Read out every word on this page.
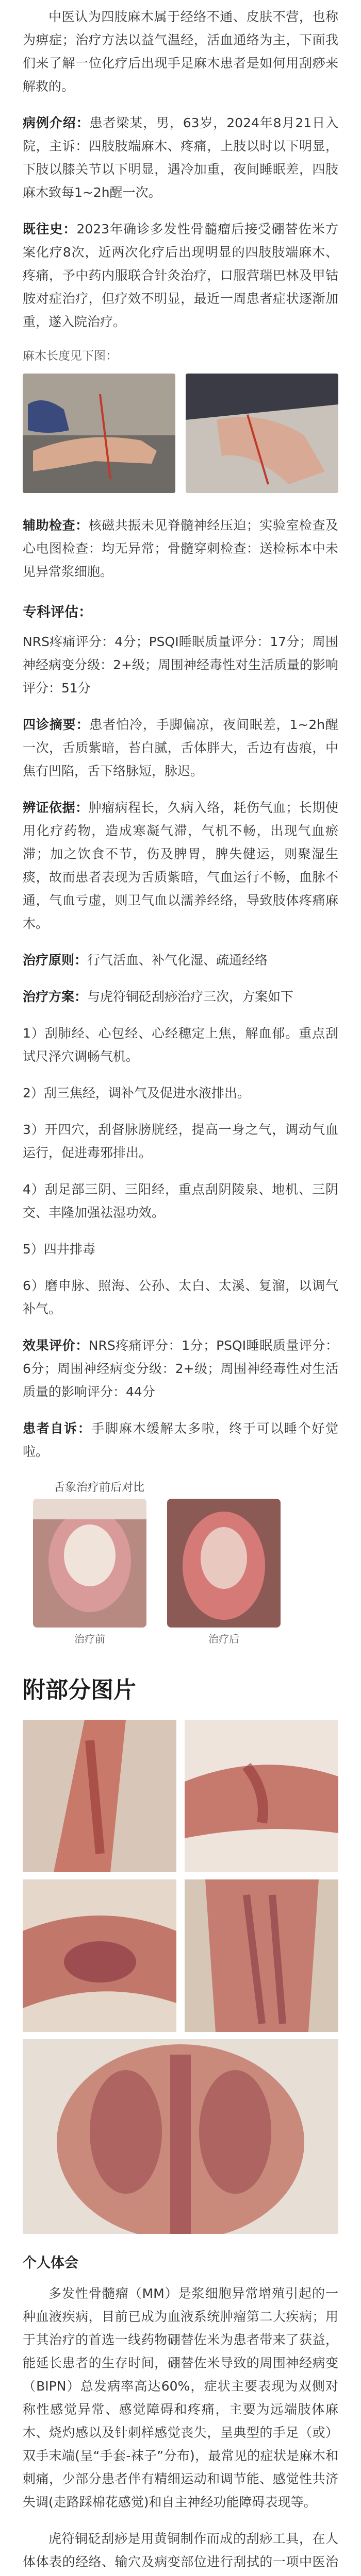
中医认为四肢麻木属于经络不通、皮肤不营，也称为痹症；治疗方法以益气温经，活血通络为主，下面我们来了解一位化疗后出现手足麻木患者是如何用刮痧来解救的。

病例介绍：患者梁某，男，63岁，2024年8月21日入院，主诉：四肢肢端麻木、疼痛，上肢以时以下明显，下肢以膝关节以下明显，遇冷加重，夜间睡眠差，四肢麻木致每1~2h醒一次。

既往史：2023年确诊多发性骨髓瘤后接受硼替佐米方案化疗8次，近两次化疗后出现明显的四肢肢端麻木、疼痛，予中药内服联合针灸治疗，口服营瑞巴林及甲钴胺对症治疗，但疗效不明显，最近一周患者症状逐渐加重，遂入院治疗。

麻木长度见下图：

辅助检查：核磁共振未见脊髓神经压迫；实验室检查及心电图检查：均无异常；骨髓穿刺检查：送检标本中未见异常浆细胞。

专科评估：

NRS疼痛评分：4分；PSQI睡眠质量评分：17分；周围神经病变分级：2+级；周围神经毒性对生活质量的影响评分：51分

四诊摘要：患者怕冷，手脚偏凉，夜间眠差，1~2h醒一次，舌质紫暗，苔白腻，舌体胖大，舌边有齿痕，中焦有凹陷，舌下络脉短，脉迟。

辨证依据：肿瘤病程长，久病入络，耗伤气血；长期使用化疗药物，造成寒凝气滞，气机不畅，出现气血瘀滞；加之饮食不节，伤及脾胃，脾失健运，则聚湿生痰，故而患者表现为舌质紫暗，气血运行不畅，血脉不通，气血亏虚，则卫气血以濡养经络，导致肢体疼痛麻木。

治疗原则：行气活血、补气化湿、疏通经络

治疗方案：与虎符铜砭刮痧治疗三次，方案如下

1）刮肺经、心包经、心经穗定上焦，解血郁。重点刮试尺泽穴调畅气机。

2）刮三焦经，调补气及促进水液排出。

3）开四穴，刮督脉膀胱经，提高一身之气，调动气血运行，促进毒邪排出。

4）刮足部三阴、三阳经，重点刮阴陵泉、地机、三阴交、丰隆加强祛湿功效。

5）四井排毒

6）磨申脉、照海、公孙、太白、太溪、复溜，以调气补气。

效果评价：NRS疼痛评分：1分；PSQI睡眠质量评分：6分；周围神经病变分级：2+级；周围神经毒性对生活质量的影响评分：44分

患者自诉：手脚麻木缓解太多啦，终于可以睡个好觉啦。

舌象治疗前后对比
治疗前	治疗后
附部分图片
个人体会

多发性骨髓瘤（MM）是浆细胞异常增殖引起的一种血液疾病，目前已成为血液系统肿瘤第二大疾病；用于其治疗的首选一线药物硼替佐米为患者带来了获益，能延长患者的生存时间，硼替佐米导致的周围神经病变（BIPN）总发病率高达60%，症状主要表现为双侧对称性感觉异常、感觉障碍和疼痛，主要为远端肢体麻木、烧灼感以及针刺样感觉丧失，呈典型的手足（或）双手末端(呈“手套-袜子”分布)，最常见的症状是麻木和刺痛，少部分患者伴有精细运动和调节能、感觉性共济失调(走路踩棉花感觉)和自主神经功能障碍表现等。

虎符铜砭刮痧是用黄铜制作而成的刮痧工具，在人体体表的经络、输穴及病变部位进行刮拭的一项中医治
